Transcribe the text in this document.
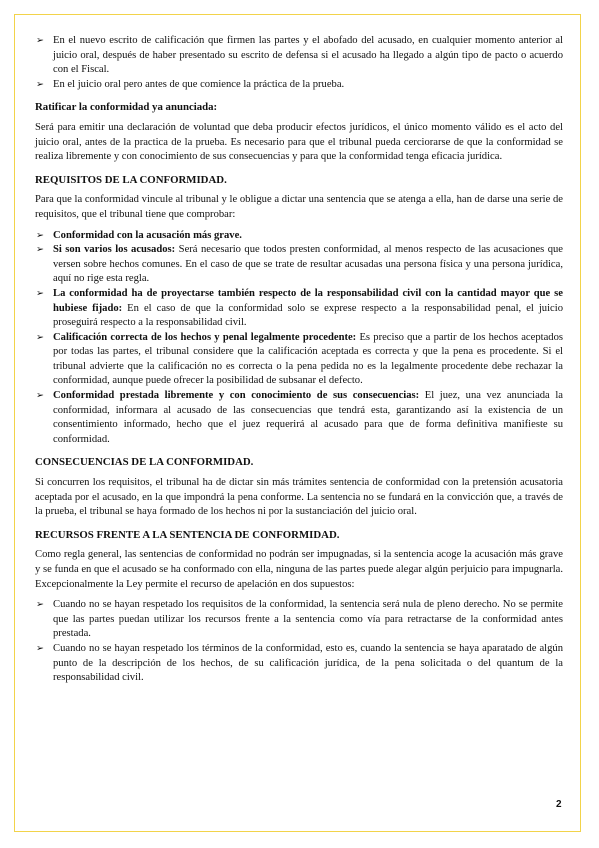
➢ En el nuevo escrito de calificación que firmen las partes y el abofado del acusado, en cualquier momento anterior al juicio oral, después de haber presentado su escrito de defensa si el acusado ha llegado a algún tipo de pacto o acuerdo con el Fiscal.
➢ En el juicio oral pero antes de que comience la práctica de la prueba.

Ratificar la conformidad ya anunciada:

Será para emitir una declaración de voluntad que deba producir efectos jurídicos, el único momento válido es el acto del juicio oral, antes de la practica de la prueba. Es necesario para que el tribunal pueda cerciorarse de que la conformidad se realiza libremente y con conocimiento de sus consecuencias y para que la conformidad tenga eficacia jurídica.

REQUISITOS DE LA CONFORMIDAD.

Para que la conformidad vincule al tribunal y le obligue a dictar una sentencia que se atenga a ella, han de darse una serie de requisitos, que el tribunal tiene que comprobar:

➢ Conformidad con la acusación más grave.
➢ Si son varios los acusados: Será necesario que todos presten conformidad, al menos respecto de las acusaciones que versen sobre hechos comunes. En el caso de que se trate de resultar acusadas una persona física y una persona jurídica, aquí no rige esta regla.
➢ La conformidad ha de proyectarse también respecto de la responsabilidad civil con la cantidad mayor que se hubiese fijado: En el caso de que la conformidad solo se exprese respecto a la responsabilidad penal, el juicio proseguirá respecto a la responsabilidad civil.
➢ Calificación correcta de los hechos y penal legalmente procedente: Es preciso que a partir de los hechos aceptados por todas las partes, el tribunal considere que la calificación aceptada es correcta y que la pena es procedente. Si el tribunal advierte que la calificación no es correcta o la pena pedida no es la legalmente procedente debe rechazar la conformidad, aunque puede ofrecer la posibilidad de subsanar el defecto.
➢ Conformidad prestada libremente y con conocimiento de sus consecuencias: El juez, una vez anunciada la conformidad, informara al acusado de las consecuencias que tendrá esta, garantizando así la existencia de un consentimiento informado, hecho que el juez requerirá al acusado para que de forma definitiva manifieste su conformidad.

CONSECUENCIAS DE LA CONFORMIDAD.

Si concurren los requisitos, el tribunal ha de dictar sin más trámites sentencia de conformidad con la pretensión acusatoria aceptada por el acusado, en la que impondrá la pena conforme. La sentencia no se fundará en la convicción que, a través de la prueba, el tribunal se haya formado de los hechos ni por la sustanciación del juicio oral.

RECURSOS FRENTE A LA SENTENCIA DE CONFORMIDAD.

Como regla general, las sentencias de conformidad no podrán ser impugnadas, si la sentencia acoge la acusación más grave y se funda en que el acusado se ha conformado con ella, ninguna de las partes puede alegar algún perjuicio para impugnarla. Excepcionalmente la Ley permite el recurso de apelación en dos supuestos:

➢ Cuando no se hayan respetado los requisitos de la conformidad, la sentencia será nula de pleno derecho. No se permite que las partes puedan utilizar los recursos frente a la sentencia como vía para retractarse de la conformidad antes prestada.
➢ Cuando no se hayan respetado los términos de la conformidad, esto es, cuando la sentencia se haya aparatado de algún punto de la descripción de los hechos, de su calificación jurídica, de la pena solicitada o del quantum de la responsabilidad civil.
2
